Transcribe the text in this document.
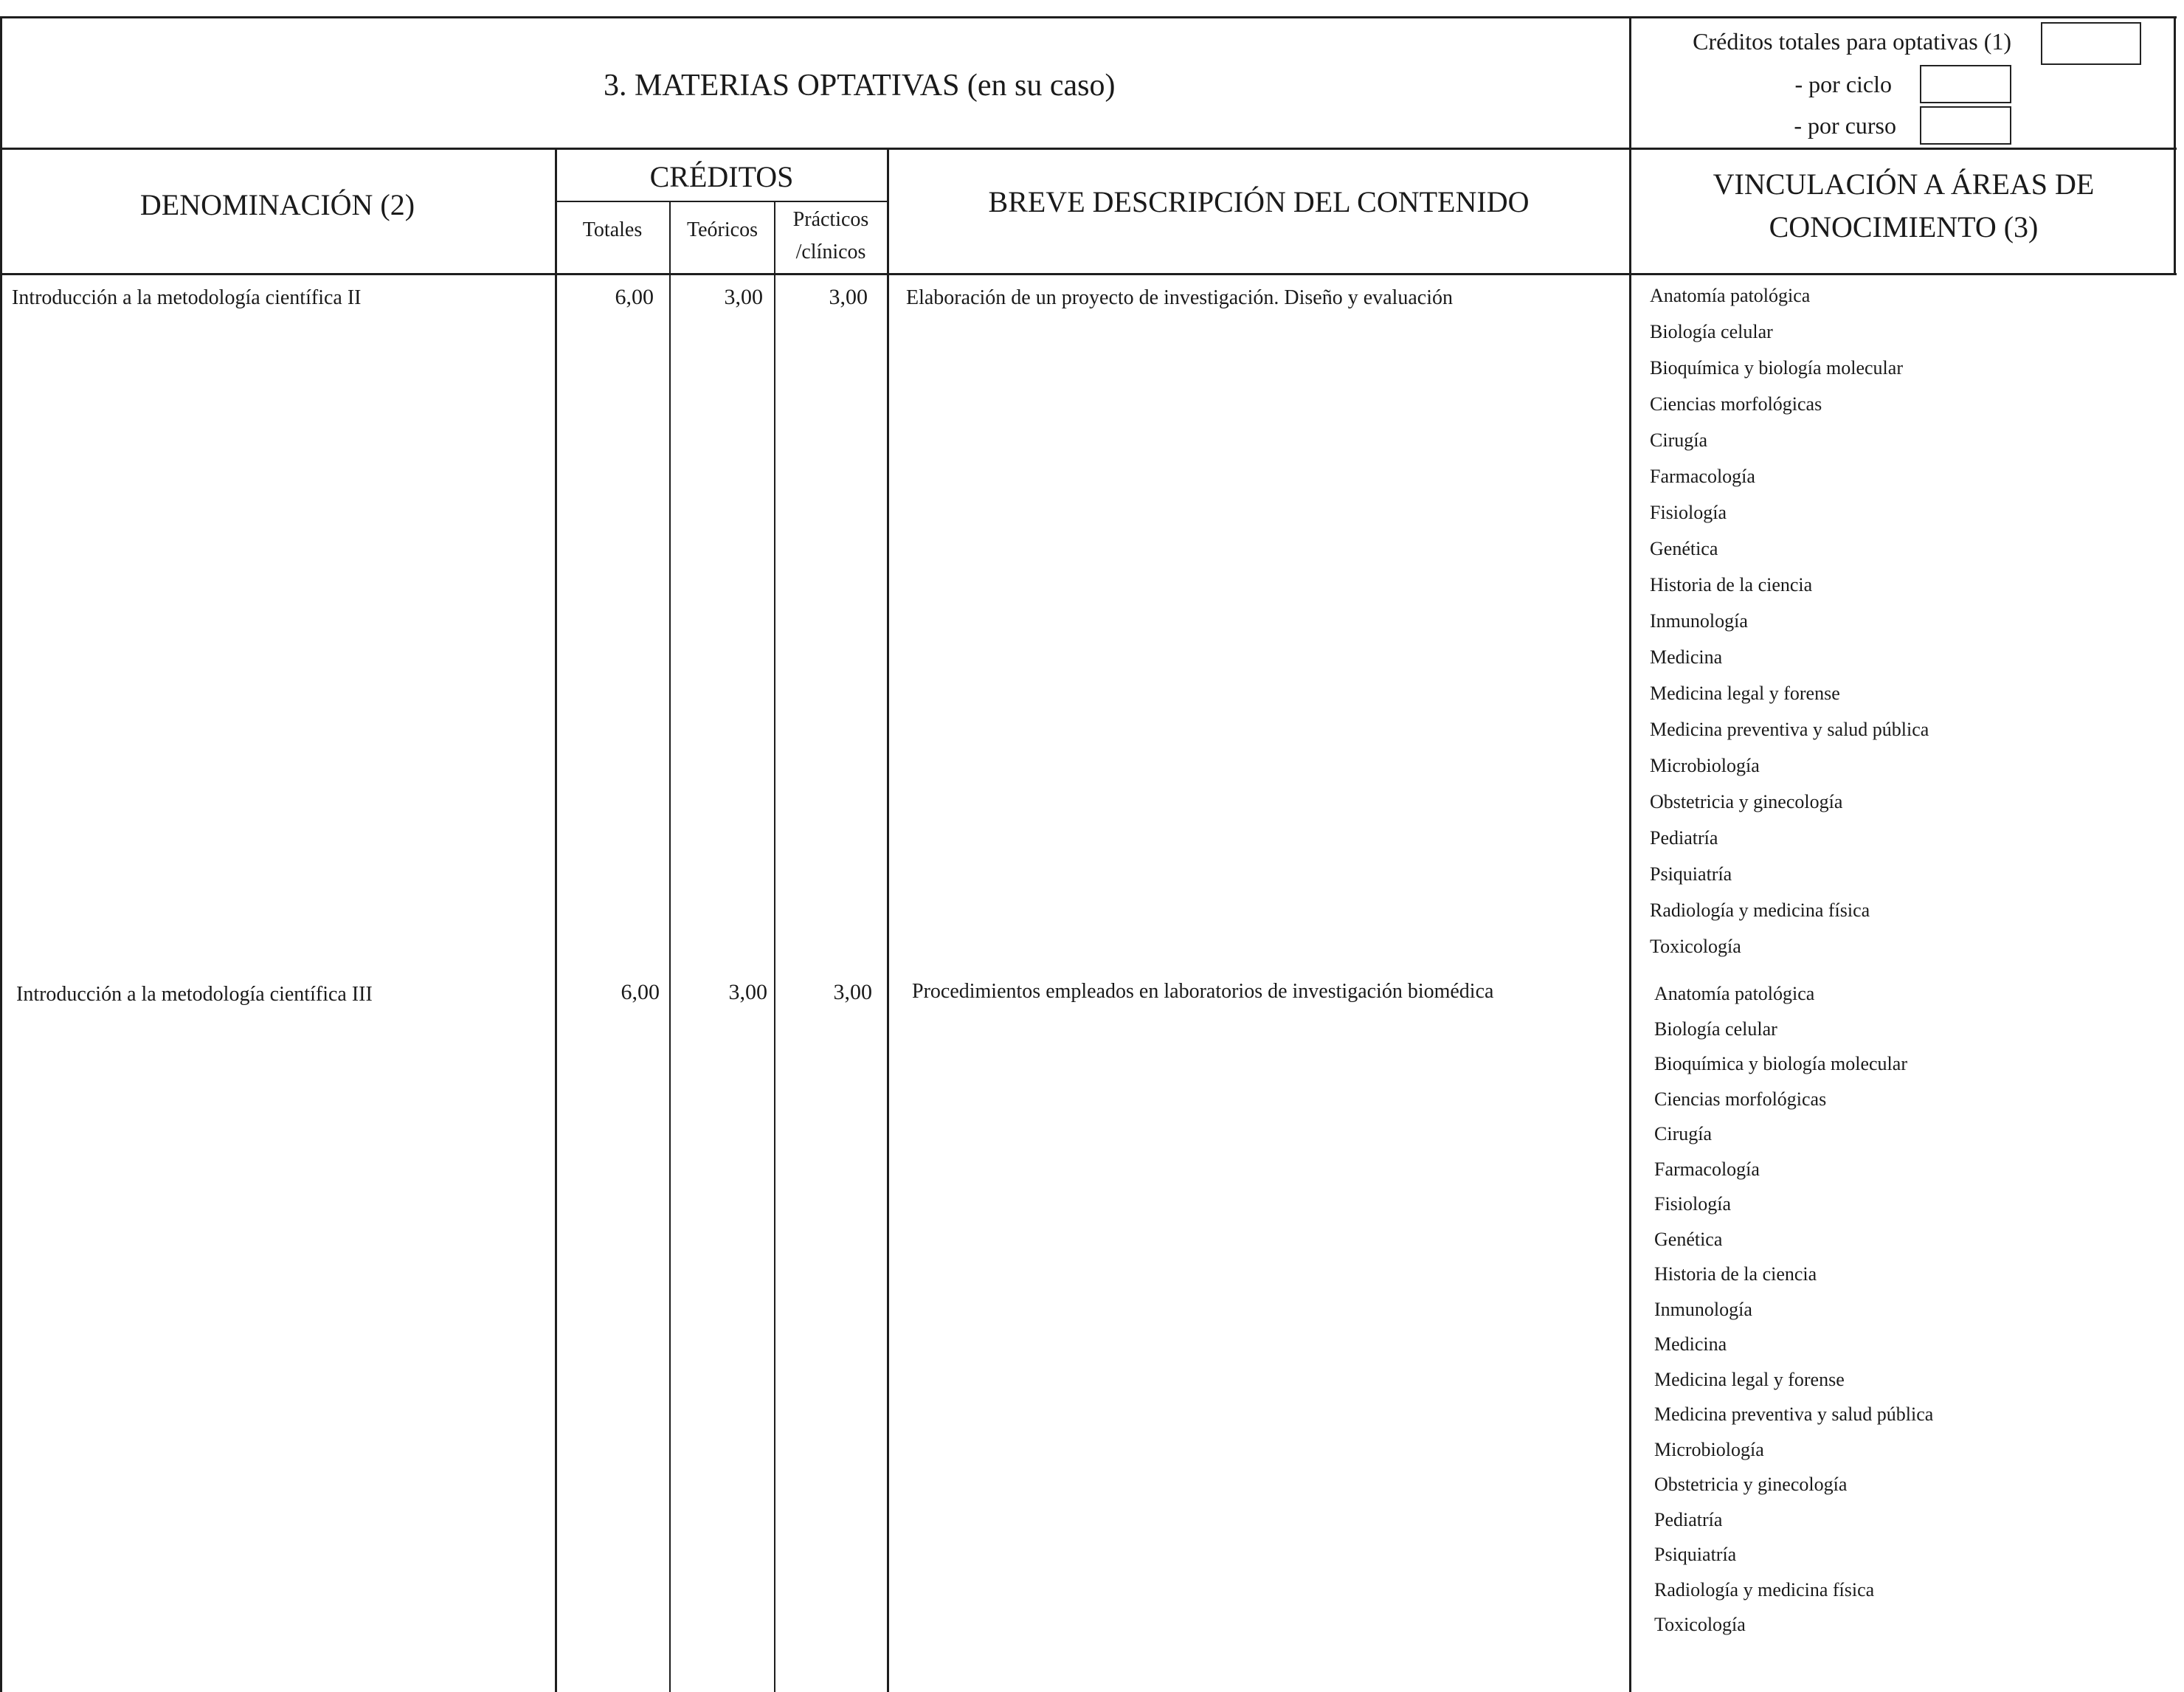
3. MATERIAS OPTATIVAS (en su caso)
Créditos totales para optativas (1)
- por ciclo
- por curso
DENOMINACIÓN (2)
CRÉDITOS
Totales	Teóricos	Prácticos
/clínicos
BREVE DESCRIPCIÓN DEL CONTENIDO
VINCULACIÓN A ÁREAS DE
CONOCIMIENTO (3)
Introducción a la metodología científica II	6,00	3,00	3,00 Elaboración de un proyecto de investigación. Diseño y evaluación	Anatomía patológica
Biología celular
Bioquímica y biología molecular
Ciencias morfológicas
Cirugía
Farmacología
Fisiología
Genética
Historia de la ciencia
Inmunología
Medicina
Medicina legal y forense
Medicina preventiva y salud pública
Microbiología
Obstetricia y ginecología
Pediatría
Psiquiatría
Radiología y medicina física
Toxicología
Introducción a la metodología científica III	6,00	3,00	3,00 Procedimientos empleados en laboratorios de investigación biomédica	Anatomía patológica
Biología celular
Bioquímica y biología molecular
Ciencias morfológicas
Cirugía
Farmacología
Fisiología
Genética
Historia de la ciencia
Inmunología
Medicina
Medicina legal y forense
Medicina preventiva y salud pública
Microbiología
Obstetricia y ginecología
Pediatría
Psiquiatría
Radiología y medicina física
Toxicología
